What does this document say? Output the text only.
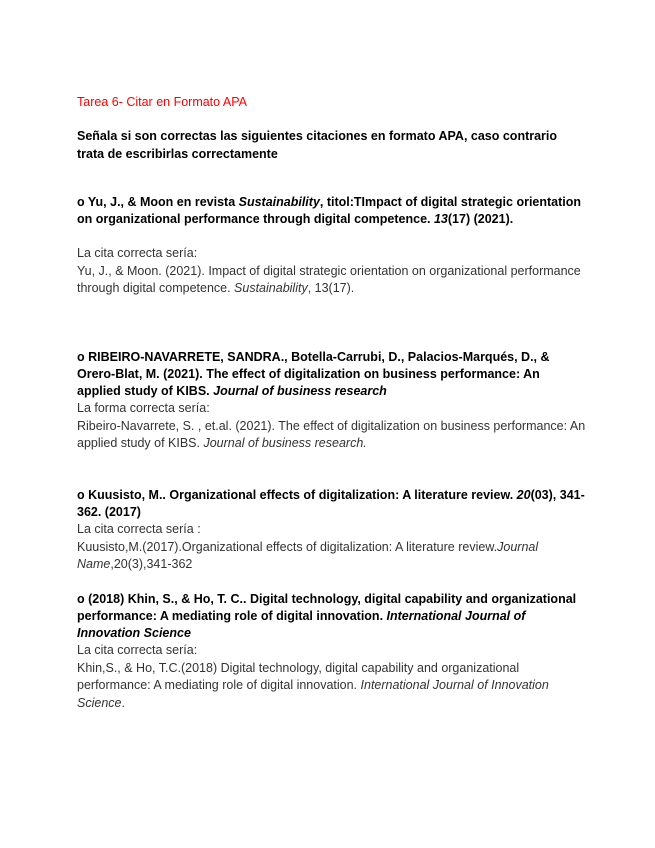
Tarea 6- Citar en Formato APA
Señala si son correctas las siguientes citaciones en formato APA, caso contrario trata de escribirlas correctamente
o Yu, J., & Moon en revista Sustainability, titol:TImpact of digital strategic orientation on organizational performance through digital competence. 13(17) (2021).
La cita correcta sería:
Yu, J., & Moon. (2021). Impact of digital strategic orientation on organizational performance through digital competence. Sustainability, 13(17).
o RIBEIRO-NAVARRETE, SANDRA., Botella-Carrubi, D., Palacios-Marqués, D., & Orero-Blat, M. (2021). The effect of digitalization on business performance: An applied study of KIBS. Journal of business research
La forma correcta sería:
Ribeiro-Navarrete, S. , et.al. (2021). The effect of digitalization on business performance: An applied study of KIBS. Journal of business research.
o Kuusisto, M.. Organizational effects of digitalization: A literature review. 20(03), 341-362. (2017)
La cita correcta sería :
Kuusisto,M.(2017).Organizational effects of digitalization: A literature review.Journal Name,20(3),341-362
o (2018) Khin, S., & Ho, T. C.. Digital technology, digital capability and organizational performance: A mediating role of digital innovation. International Journal of Innovation Science
La cita correcta sería:
Khin,S., & Ho, T.C.(2018) Digital technology, digital capability and organizational performance: A mediating role of digital innovation. International Journal of Innovation Science.
